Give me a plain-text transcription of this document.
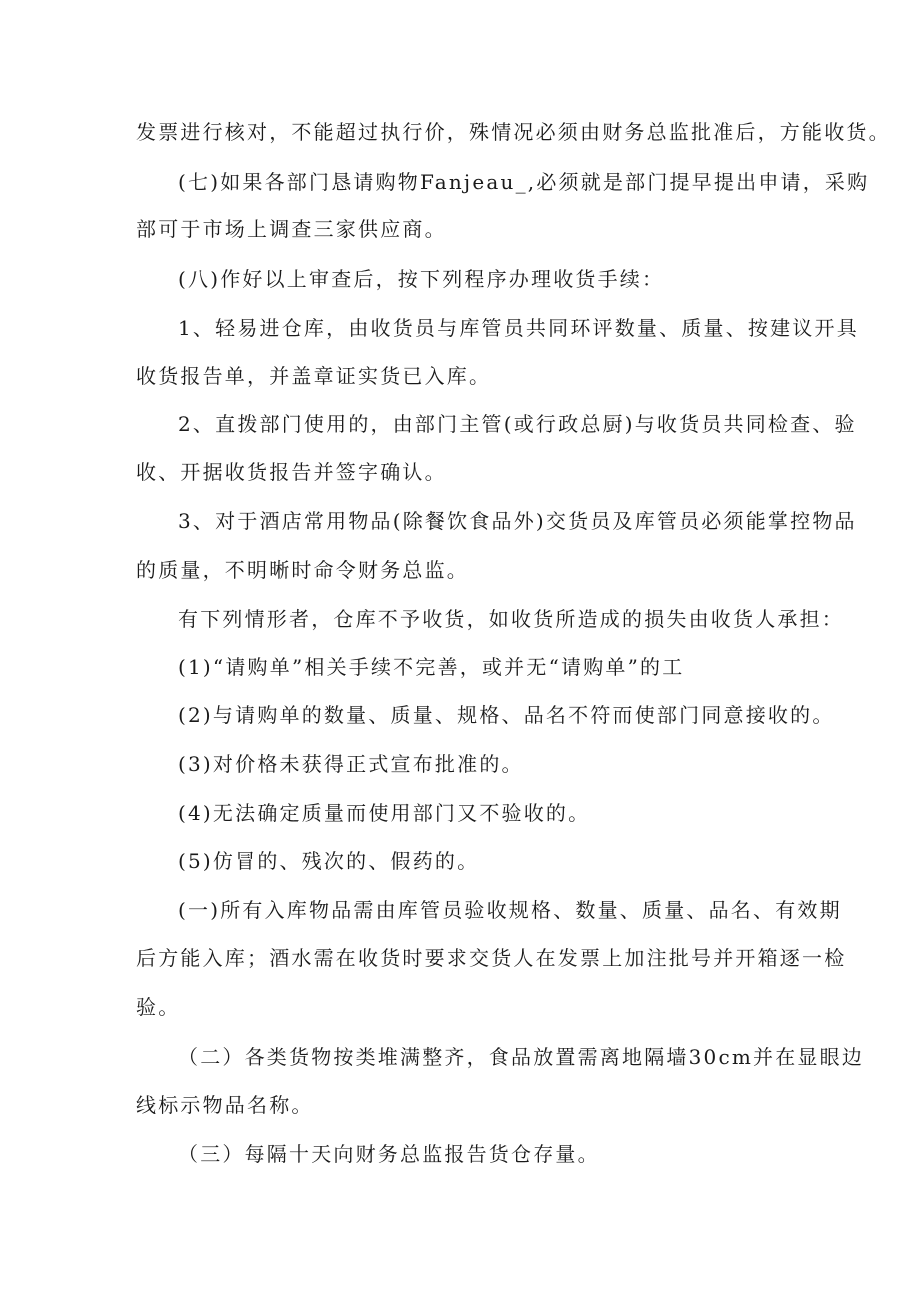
发票进行核对，不能超过执行价，殊情况必须由财务总监批准后，方能收货。
(七)如果各部门恳请购物Fanjeau_,必须就是部门提早提出申请，采购
部可于市场上调查三家供应商。
(八)作好以上审查后，按下列程序办理收货手续：
1、轻易进仓库，由收货员与库管员共同环评数量、质量、按建议开具
收货报告单，并盖章证实货已入库。
2、直拨部门使用的，由部门主管(或行政总厨)与收货员共同检查、验
收、开据收货报告并签字确认。
3、对于酒店常用物品(除餐饮食品外)交货员及库管员必须能掌控物品
的质量，不明晰时命令财务总监。
有下列情形者，仓库不予收货，如收货所造成的损失由收货人承担：
(1)“请购单”相关手续不完善，或并无“请购单”的工
(2)与请购单的数量、质量、规格、品名不符而使部门同意接收的。
(3)对价格未获得正式宣布批准的。
(4)无法确定质量而使用部门又不验收的。
(5)仿冒的、残次的、假药的。
(一)所有入库物品需由库管员验收规格、数量、质量、品名、有效期
后方能入库；酒水需在收货时要求交货人在发票上加注批号并开箱逐一检
验。
（二）各类货物按类堆满整齐，食品放置需离地隔墙30cm并在显眼边
线标示物品名称。
（三）每隔十天向财务总监报告货仓存量。
